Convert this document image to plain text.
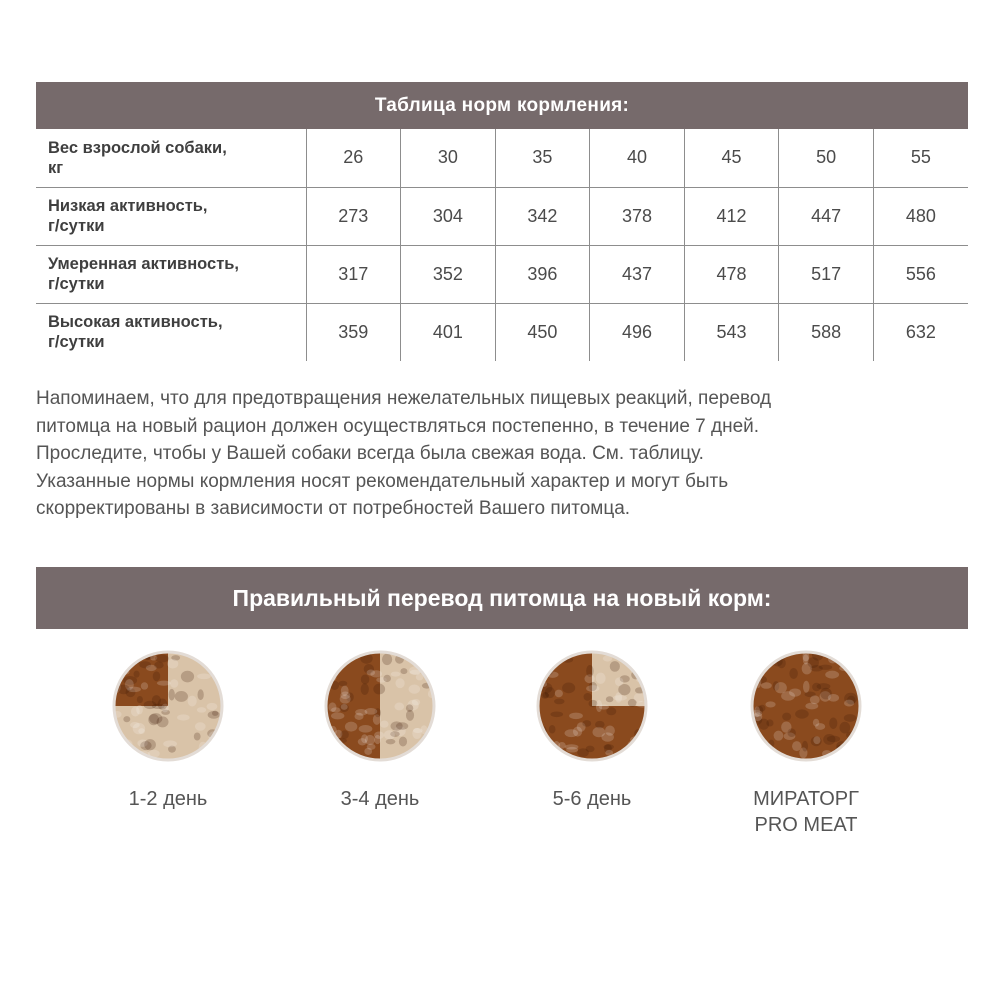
Таблица норм кормления:
Вес взрослой собаки,
кг	26	30	35	40	45	50	55
Низкая активность,
г/сутки	273	304	342	378	412	447	480
Умеренная активность,
г/сутки	317	352	396	437	478	517	556
Высокая активность,
г/сутки	359	401	450	496	543	588	632

Напоминаем, что для предотвращения нежелательных пищевых реакций, перевод

питомца на новый рацион должен осуществляться постепенно, в течение 7 дней.

Проследите, чтобы у Вашей собаки всегда была свежая вода. См. таблицу.

Указанные нормы кормления носят рекомендательный характер и могут быть

скорректированы в зависимости от потребностей Вашего питомца.

Правильный перевод питомца на новый корм:
1-2 день	3-4 день	5-6 день	МИРАТОРГ
PRO MEAT
